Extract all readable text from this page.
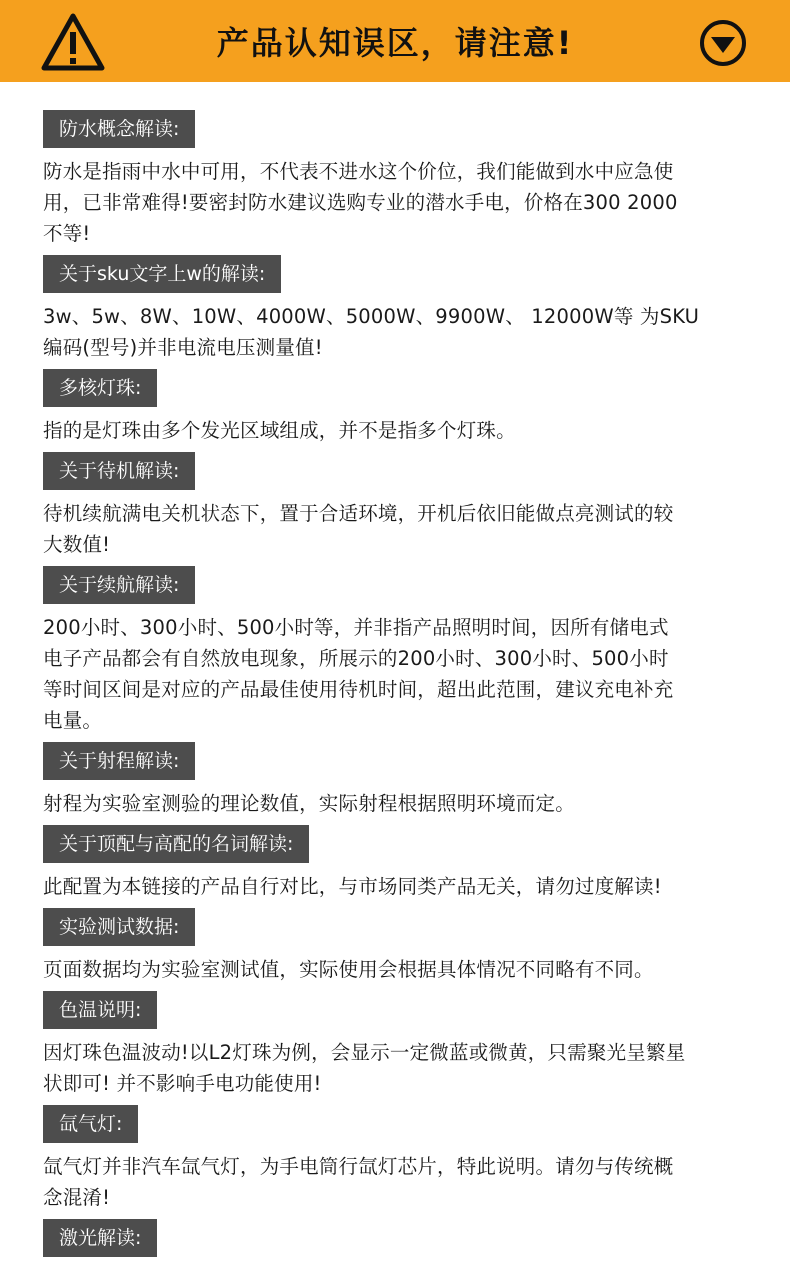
产品认知误区，请注意!
防水概念解读:

防水是指雨中水中可用，不代表不进水这个价位，我们能做到水中应急使
用，已非常难得!要密封防水建议选购专业的潜水手电，价格在300 2000
不等!

关于sku文字上w的解读:

3w、5w、8W、10W、4000W、5000W、9900W、 12000W等 为SKU
编码(型号)并非电流电压测量值!

多核灯珠:

指的是灯珠由多个发光区域组成，并不是指多个灯珠。

关于待机解读:

待机续航满电关机状态下，置于合适环境，开机后依旧能做点亮测试的较
大数值!

关于续航解读:

200小时、300小时、500小时等，并非指产品照明时间，因所有储电式
电子产品都会有自然放电现象，所展示的200小时、300小时、500小时
等时间区间是对应的产品最佳使用待机时间，超出此范围，建议充电补充
电量。

关于射程解读:

射程为实验室测验的理论数值，实际射程根据照明环境而定。

关于顶配与高配的名词解读:

此配置为本链接的产品自行对比，与市场同类产品无关，请勿过度解读!

实验测试数据:

页面数据均为实验室测试值，实际使用会根据具体情况不同略有不同。

色温说明:

因灯珠色温波动!以L2灯珠为例，会显示一定微蓝或微黄，只需聚光呈繁星
状即可! 并不影响手电功能使用!

氙气灯:

氙气灯并非汽车氙气灯，为手电筒行氙灯芯片，特此说明。请勿与传统概
念混淆!

激光解读:
